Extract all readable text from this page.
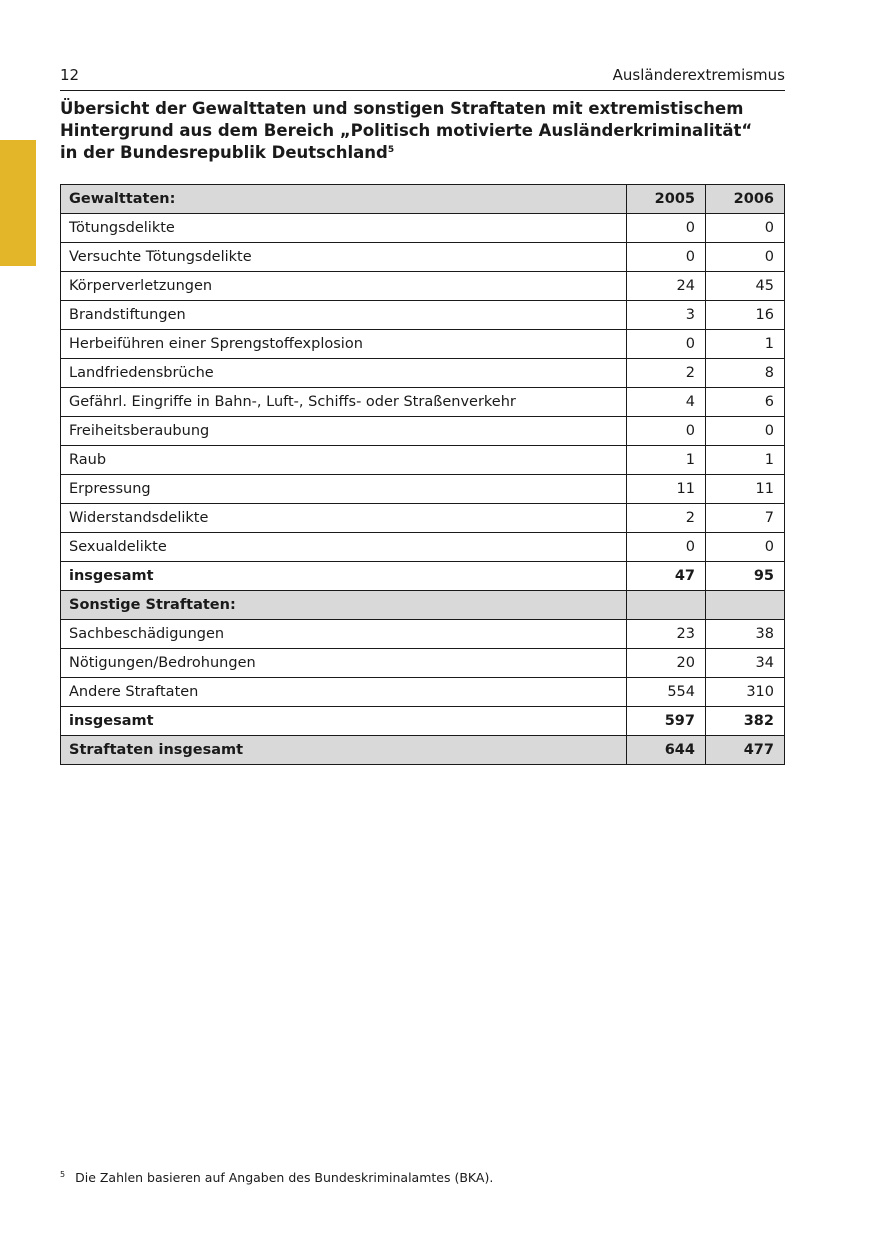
12	Ausländerextremismus
Übersicht der Gewalttaten und sonstigen Straftaten mit extremistischem
Hintergrund aus dem Bereich „Politisch motivierte Ausländerkriminalität“
in der Bundesrepublik Deutschland$^5$
Gewalttaten:	2005	2006
Tötungsdelikte	0	0
Versuchte Tötungsdelikte	0	0
Körperverletzungen	24	45
Brandstiftungen	3	16
Herbeiführen einer Sprengstoffexplosion	0	1
Landfriedensbrüche	2	8
Gefährl. Eingriffe in Bahn-, Luft-, Schiffs- oder Straßenverkehr	4	6
Freiheitsberaubung	0	0
Raub	1	1
Erpressung	11	11
Widerstandsdelikte	2	7
Sexualdelikte	0	0
insgesamt	47	95
Sonstige Straftaten:		
Sachbeschädigungen	23	38
Nötigungen/Bedrohungen	20	34
Andere Straftaten	554	310
insgesamt	597	382
Straftaten insgesamt	644	477
$^5$ Die Zahlen basieren auf Angaben des Bundeskriminalamtes (BKA).
